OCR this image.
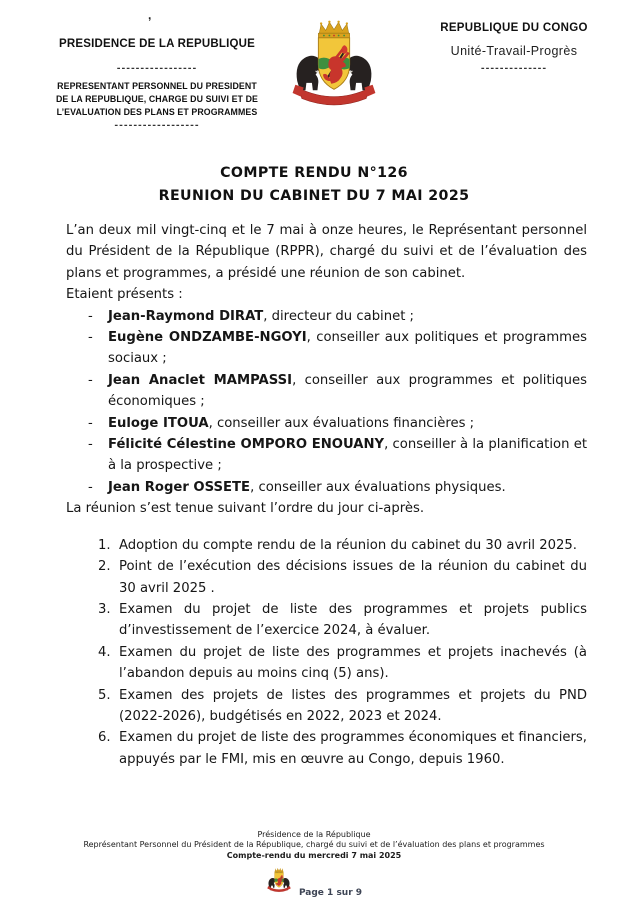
,
PRESIDENCE DE LA REPUBLIQUE
-----------------
REPRESENTANT PERSONNEL DU PRESIDENT
DE LA REPUBLIQUE, CHARGE DU SUIVI ET DE
L’EVALUATION DES PLANS ET PROGRAMMES
------------------
REPUBLIQUE DU CONGO
Unité-Travail-Progrès
--------------
COMPTE RENDU N°126
REUNION DU CABINET DU 7 MAI 2025

L’an deux mil vingt-cinq et le 7 mai à onze heures, le Représentant personnel du Président de la République (RPPR), chargé du suivi et de l’évaluation des plans et programmes, a présidé une réunion de son cabinet.

Etaient présents :

- Jean-Raymond DIRAT, directeur du cabinet ;
- Eugène ONDZAMBE-NGOYI, conseiller aux politiques et programmes sociaux ;
- Jean Anaclet MAMPASSI, conseiller aux programmes et politiques économiques ;
- Euloge ITOUA, conseiller aux évaluations financières ;
- Félicité Célestine OMPORO ENOUANY, conseiller à la planification et à la prospective ;
- Jean Roger OSSETE, conseiller aux évaluations physiques.

La réunion s’est tenue suivant l’ordre du jour ci-après.

1. Adoption du compte rendu de la réunion du cabinet du 30 avril 2025.
2. Point de l’exécution des décisions issues de la réunion du cabinet du 30 avril 2025 .
3. Examen du projet de liste des programmes et projets publics d’investissement de l’exercice 2024, à évaluer.
4. Examen du projet de liste des programmes et projets inachevés (à l’abandon depuis au moins cinq (5) ans).
5. Examen des projets de listes des programmes et projets du PND (2022-2026), budgétisés en 2022, 2023 et 2024.
6. Examen du projet de liste des programmes économiques et financiers, appuyés par le FMI, mis en œuvre au Congo, depuis 1960.
Présidence de la République
Représentant Personnel du Président de la République, chargé du suivi et de l’évaluation des plans et programmes
Compte-rendu du mercredi 7 mai 2025
Page 1 sur 9
